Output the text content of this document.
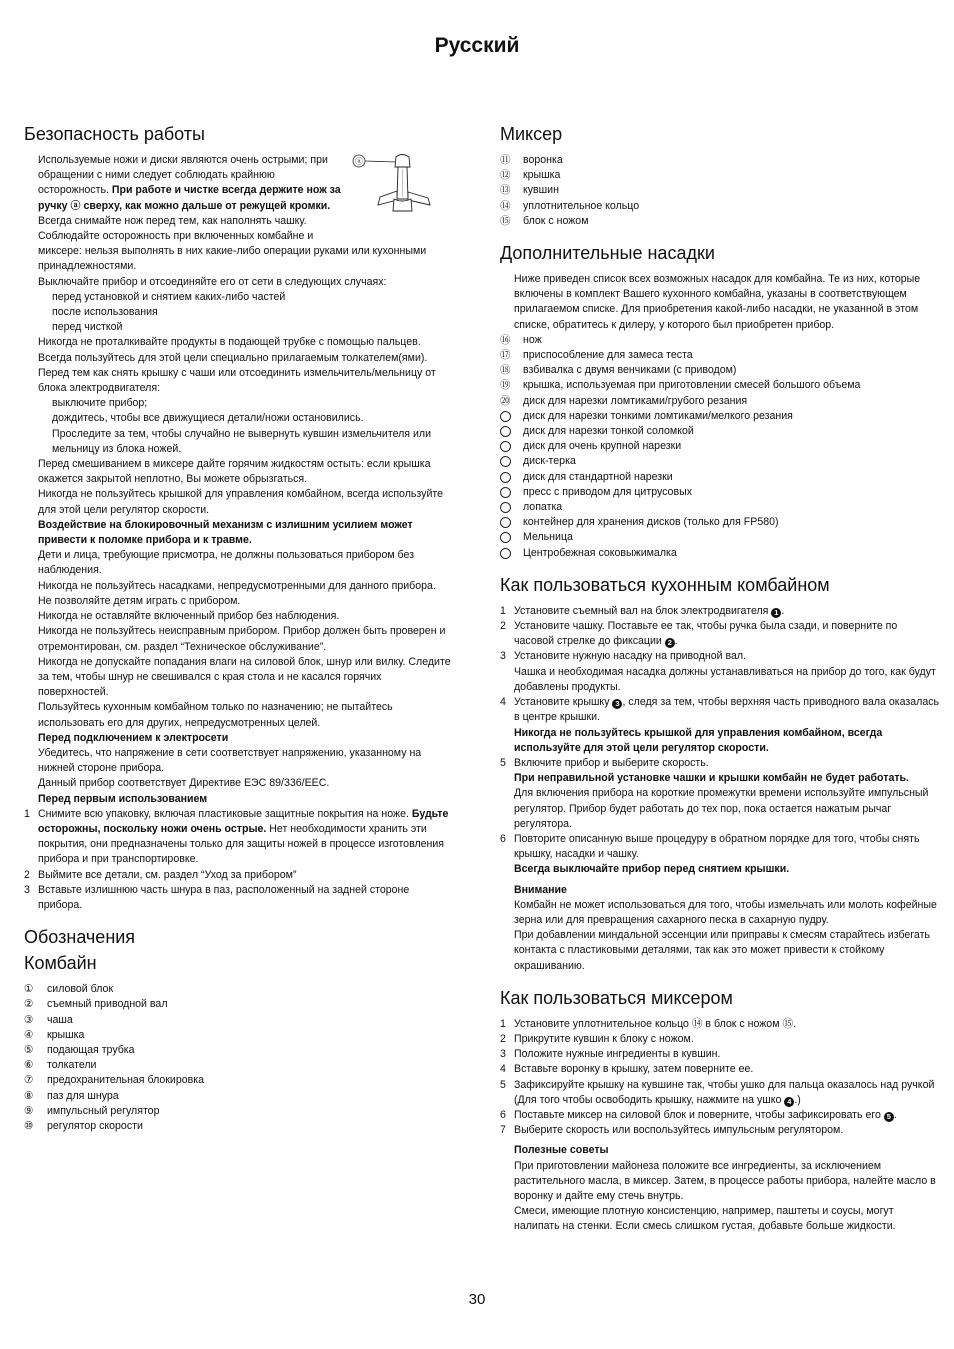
Русский
Безопасность работы
ⓐ

Используемые ножи и диски являются очень острыми; при обращении с ними следует соблюдать крайнюю осторожность. При работе и чистке всегда держите нож за ручку ⓐ сверху, как можно дальше от режущей кромки.

Всегда снимайте нож перед тем, как наполнять чашку.

Соблюдайте осторожность при включенных комбайне и миксере: нельзя выполнять в них какие-либо операции руками или кухонными принадлежностями.

Выключайте прибор и отсоединяйте его от сети в следующих случаях:

перед установкой и снятием каких-либо частей

после использования

перед чисткой

Никогда не проталкивайте продукты в подающей трубке с помощью пальцев. Всегда пользуйтесь для этой цели специально прилагаемым толкателем(ями).

Перед тем как снять крышку с чаши или отсоединить измельчитель/мельницу от блока электродвигателя:

выключите прибор;

дождитесь, чтобы все движущиеся детали/ножи остановились.

Проследите за тем, чтобы случайно не вывернуть кувшин измельчителя или мельницу из блока ножей.

Перед смешиванием в миксере дайте горячим жидкостям остыть: если крышка окажется закрытой неплотно, Вы можете обрызгаться.

Никогда не пользуйтесь крышкой для управления комбайном, всегда используйте для этой цели регулятор скорости.

Воздействие на блокировочный механизм с излишним усилием может привести к поломке прибора и к травме.

Дети и лица, требующие присмотра, не должны пользоваться прибором без наблюдения.

Никогда не пользуйтесь насадками, непредусмотренными для данного прибора.

Не позволяйте детям играть с прибором.

Никогда не оставляйте включенный прибор без наблюдения.

Никогда не пользуйтесь неисправным прибором. Прибор должен быть проверен и отремонтирован, см. раздел “Техническое обслуживание”.

Никогда не допускайте попадания влаги на силовой блок, шнур или вилку. Следите за тем, чтобы шнур не свешивался с края стола и не касался горячих поверхностей.

Пользуйтесь кухонным комбайном только по назначению; не пытайтесь использовать его для других, непредусмотренных целей.

Перед подключением к электросети

Убедитесь, что напряжение в сети соответствует напряжению, указанному на нижней стороне прибора.

Данный прибор соответствует Директиве ЕЭС 89/336/EEC.

Перед первым использованием

1 Снимите всю упаковку, включая пластиковые защитные покрытия на ноже. Будьте осторожны, поскольку ножи очень острые. Нет необходимости хранить эти покрытия, они предназначены только для защиты ножей в процессе изготовления прибора и при транспортировке.
2 Выймите все детали, см. раздел “Уход за прибором”
3 Вставьте излишнюю часть шнура в паз, расположенный на задней стороне прибора.
Обозначения
Комбайн
①	силовой блок
②	съемный приводной вал
③	чаша
④	крышка
⑤	подающая трубка
⑥	толкатели
⑦	предохранительная блокировка
⑧	паз для шнура
⑨	импульсный регулятор
⑩	регулятор скорости
Миксер
⑪	воронка
⑫	крышка
⑬	кувшин
⑭	уплотнительное кольцо
⑮	блок с ножом
Дополнительные насадки

Ниже приведен список всех возможных насадок для комбайна. Те из них, которые включены в комплект Вашего кухонного комбайна, указаны в соответствующем прилагаемом списке. Для приобретения какой-либо насадки, не указанной в этом списке, обратитесь к дилеру, у которого был приобретен прибор.

⑯	нож
⑰	приспособление для замеса теста
⑱	взбивалка с двумя венчиками (с приводом)
⑲	крышка, используемая при приготовлении смесей большого объема
⑳	диск для нарезки ломтиками/грубого резания
диск для нарезки тонкими ломтиками/мелкого резания
диск для нарезки тонкой соломкой
диск для очень крупной нарезки
диск-терка
диск для стандартной нарезки
пресс с приводом для цитрусовых
лопатка
контейнер для хранения дисков (только для FP580)
Мельница
Центробежная соковыжималка
Как пользоваться кухонным комбайном
1 Установите съемный вал на блок электродвигателя 1 .
2 Установите чашку. Поставьте ее так, чтобы ручка была сзади, и поверните по часовой стрелке до фиксации 2 .
3 Установите нужную насадку на приводной вал.
Чашка и необходимая насадка должны устанавливаться на прибор до того, как будут добавлены продукты.
4 Установите крышку 3 , следя за тем, чтобы верхняя часть приводного вала оказалась в центре крышки.
Никогда не пользуйтесь крышкой для управления комбайном, всегда используйте для этой цели регулятор скорости.
5 Включите прибор и выберите скорость.
При неправильной установке чашки и крышки комбайн не будет работать.
Для включения прибора на короткие промежутки времени используйте импульсный регулятор. Прибор будет работать до тех пор, пока остается нажатым рычаг регулятора.
6 Повторите описанную выше процедуру в обратном порядке для того, чтобы снять крышку, насадки и чашку.
Всегда выключайте прибор перед снятием крышки.

Внимание

Комбайн не может использоваться для того, чтобы измельчать или молоть кофейные зерна или для превращения сахарного песка в сахарную пудру.

При добавлении миндальной эссенции или приправы к смесям старайтесь избегать контакта с пластиковыми деталями, так как это может привести к стойкому окрашиванию.

Как пользоваться миксером
1 Установите уплотнительное кольцо ⑭ в блок с ножом ⑮.
2 Прикрутите кувшин к блоку с ножом.
3 Положите нужные ингредиенты в кувшин.
4 Вставьте воронку в крышку, затем поверните ее.
5 Зафиксируйте крышку на кувшине так, чтобы ушко для пальца оказалось над ручкой (Для того чтобы освободить крышку, нажмите на ушко 4 .)
6 Поставьте миксер на силовой блок и поверните, чтобы зафиксировать его 5 .
7 Выберите скорость или воспользуйтесь импульсным регулятором.

Полезные советы

При приготовлении майонеза положите все ингредиенты, за исключением растительного масла, в миксер. Затем, в процессе работы прибора, налейте масло в воронку и дайте ему стечь внутрь.

Смеси, имеющие плотную консистенцию, например, паштеты и соусы, могут налипать на стенки. Если смесь слишком густая, добавьте больше жидкости.

30
